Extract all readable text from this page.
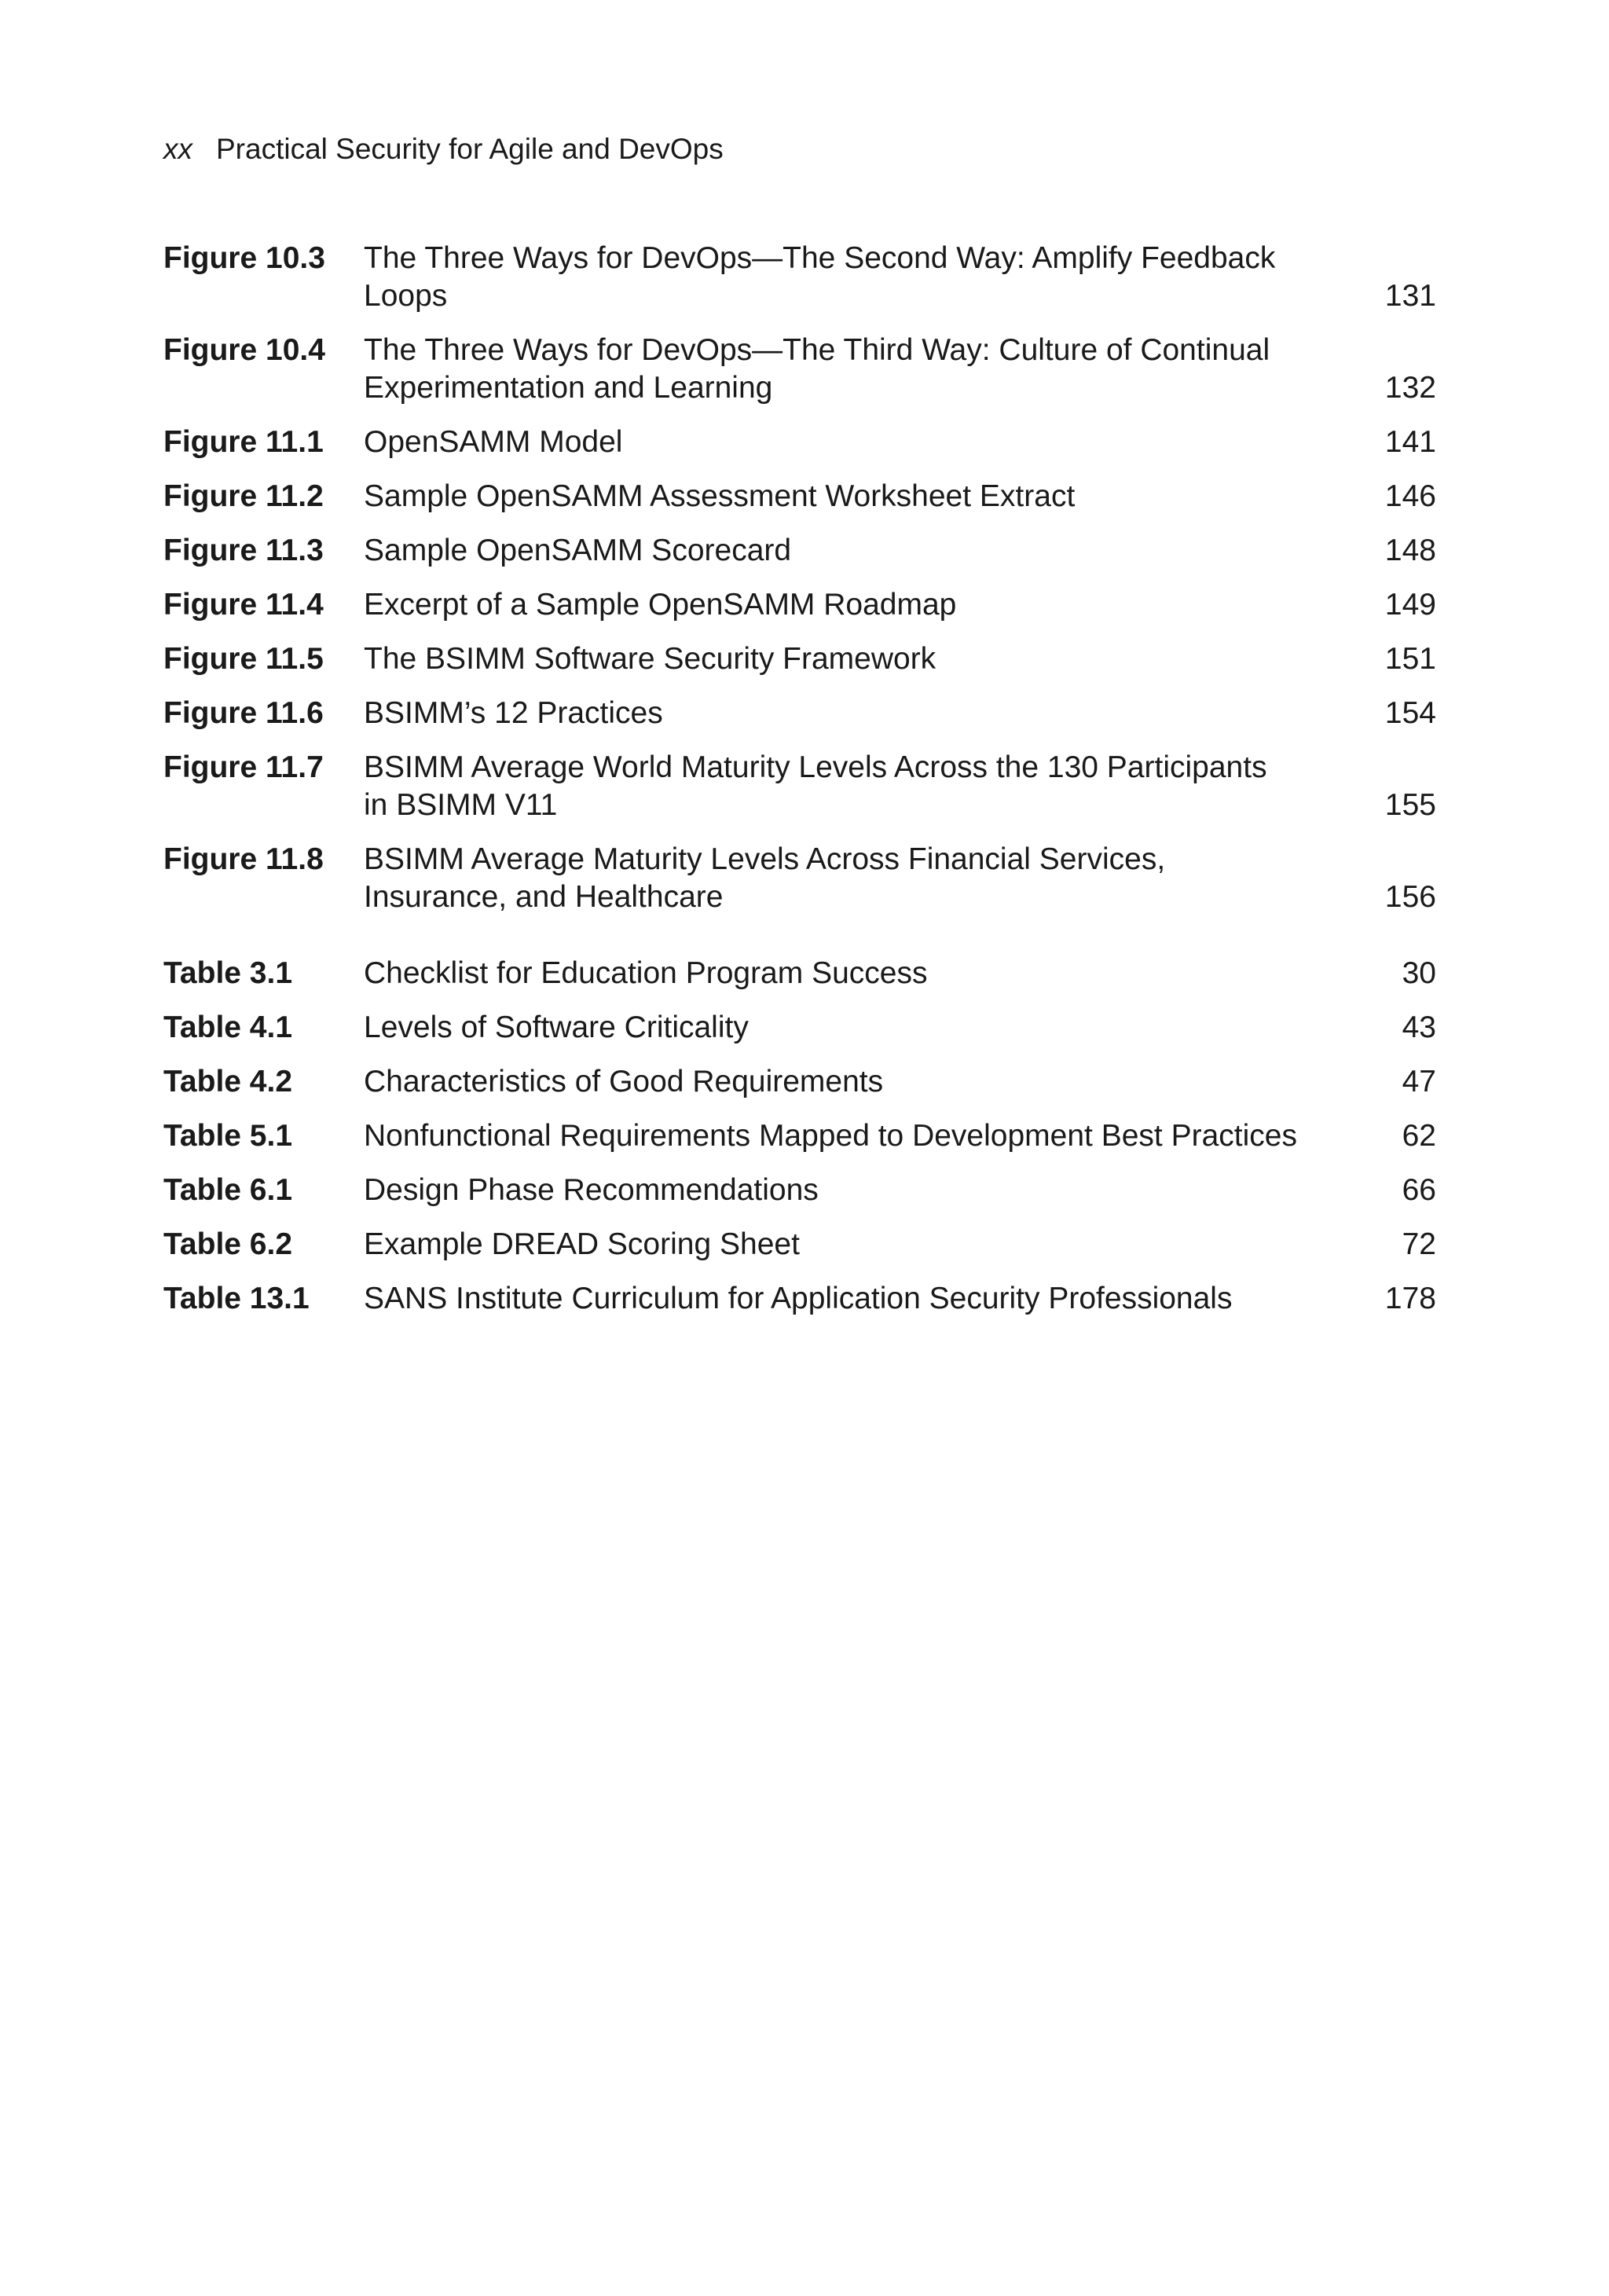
xx Practical Security for Agile and DevOps
Figure 10.3 The Three Ways for DevOps—The Second Way: Amplify Feedback
Loops	131
Figure 10.4 The Three Ways for DevOps—The Third Way: Culture of Continual
Experimentation and Learning	132
Figure 11.1 OpenSAMM Model	141
Figure 11.2 Sample OpenSAMM Assessment Worksheet Extract	146
Figure 11.3 Sample OpenSAMM Scorecard	148
Figure 11.4 Excerpt of a Sample OpenSAMM Roadmap	149
Figure 11.5 The BSIMM Software Security Framework	151
Figure 11.6 BSIMM’s 12 Practices	154
Figure 11.7 BSIMM Average World Maturity Levels Across the 130 Participants
in BSIMM V11	155
Figure 11.8 BSIMM Average Maturity Levels Across Financial Services,
Insurance, and Healthcare	156
Table 3.1 Checklist for Education Program Success	30
Table 4.1 Levels of Software Criticality	43
Table 4.2 Characteristics of Good Requirements	47
Table 5.1 Nonfunctional Requirements Mapped to Development Best Practices	62
Table 6.1 Design Phase Recommendations	66
Table 6.2 Example DREAD Scoring Sheet	72
Table 13.1 SANS Institute Curriculum for Application Security Professionals	178
